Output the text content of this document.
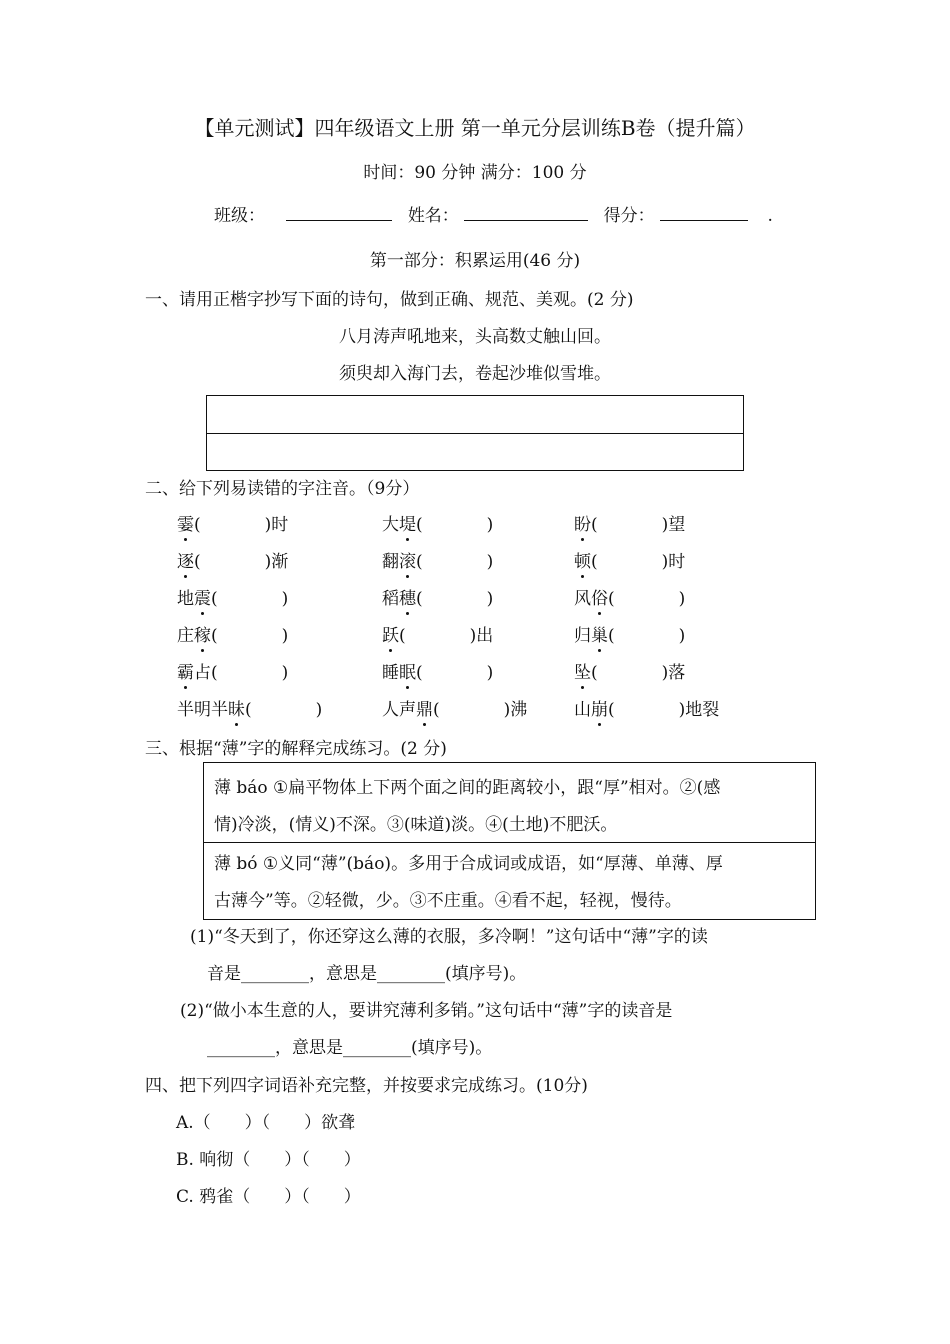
【单元测试】四年级语文上册 第一单元分层训练B卷（提升篇）
时间：90 分钟 满分：100 分
班级：	姓名：	得分：	.
第一部分：积累运用(46 分)
一、请用正楷字抄写下面的诗句，做到正确、规范、美观。(2 分)
八月涛声吼地来，头高数丈触山回。
须臾却入海门去，卷起沙堆似雪堆。
二、给下列易读错的字注音。（9分）
霎(	)时	大堤(	)	盼(	)望
逐(	)渐	翻滚(	)	顿(	)时
地震(	)	稻穗(	)	风俗(	)
庄稼(	)	跃(	)出	归巢(	)
霸占(	)	睡眠(	)	坠(	)落
半明半昧(	)	人声鼎(	)沸	山崩(	)地裂
三、根据“薄”字的解释完成练习。(2 分)
薄 báo ①扁平物体上下两个面之间的距离较小，跟“厚”相对。②(感
情)冷淡，(情义)不深。③(味道)淡。④(土地)不肥沃。
薄 bó ①义同“薄”(báo)。多用于合成词或成语，如“厚薄、单薄、厚
古薄今”等。②轻微，少。③不庄重。④看不起，轻视，慢待。
(1)“冬天到了，你还穿这么薄的衣服，多冷啊！”这句话中“薄”字的读
音是________，意思是________(填序号)。
(2)“做小本生意的人，要讲究薄利多销。”这句话中“薄”字的读音是
________，意思是________(填序号)。
四、把下列四字词语补充完整，并按要求完成练习。(10分)
A.（　　）（　　）欲聋
B. 响彻（　　）（　　）
C. 鸦雀（　　）（　　）
